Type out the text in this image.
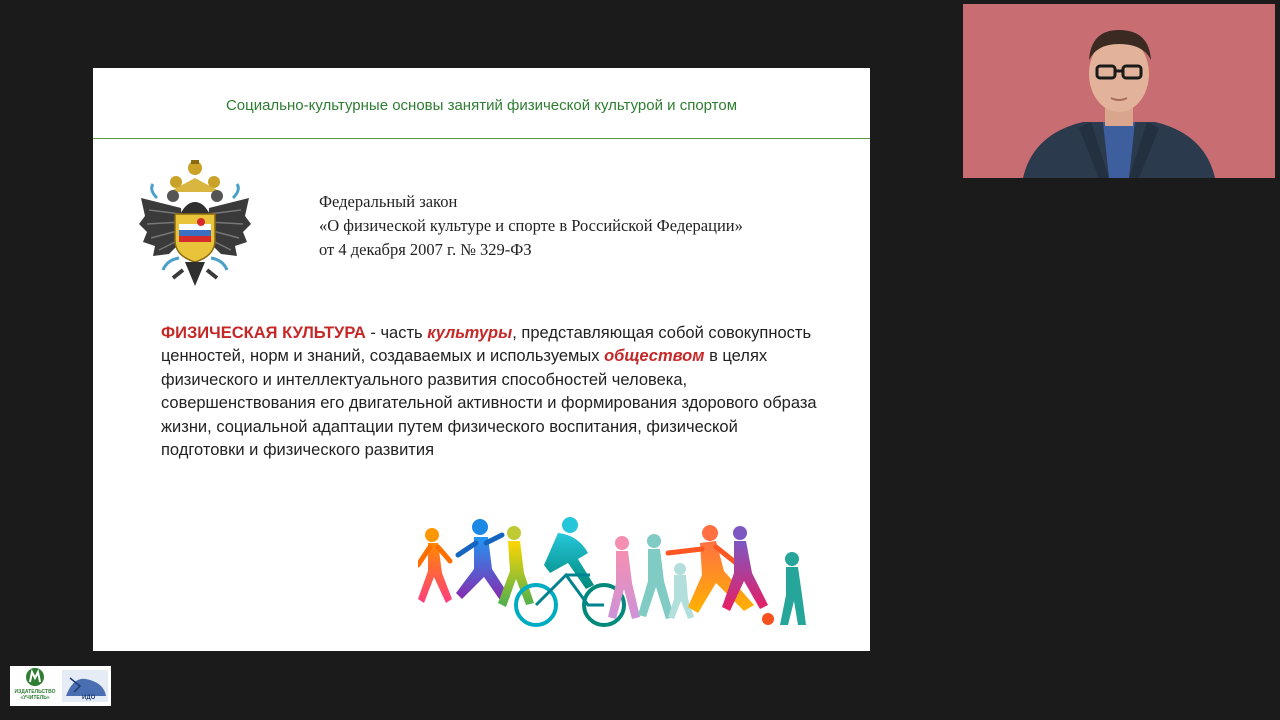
Социально-культурные основы занятий физической культурой и спортом
Федеральный закон
«О физической культуре и спорте в Российской Федерации»
от 4 декабря 2007 г. № 329-ФЗ
ФИЗИЧЕСКАЯ КУЛЬТУРА - часть культуры, представляющая собой совокупность ценностей, норм и знаний, создаваемых и используемых обществом в целях физического и интеллектуального развития способностей человека, совершенствования его двигательной активности и формирования здорового образа жизни, социальной адаптации путем физического воспитания, физической подготовки и физического развития
ИДО
ИЗДАТЕЛЬСТВО
«УЧИТЕЛЬ»
